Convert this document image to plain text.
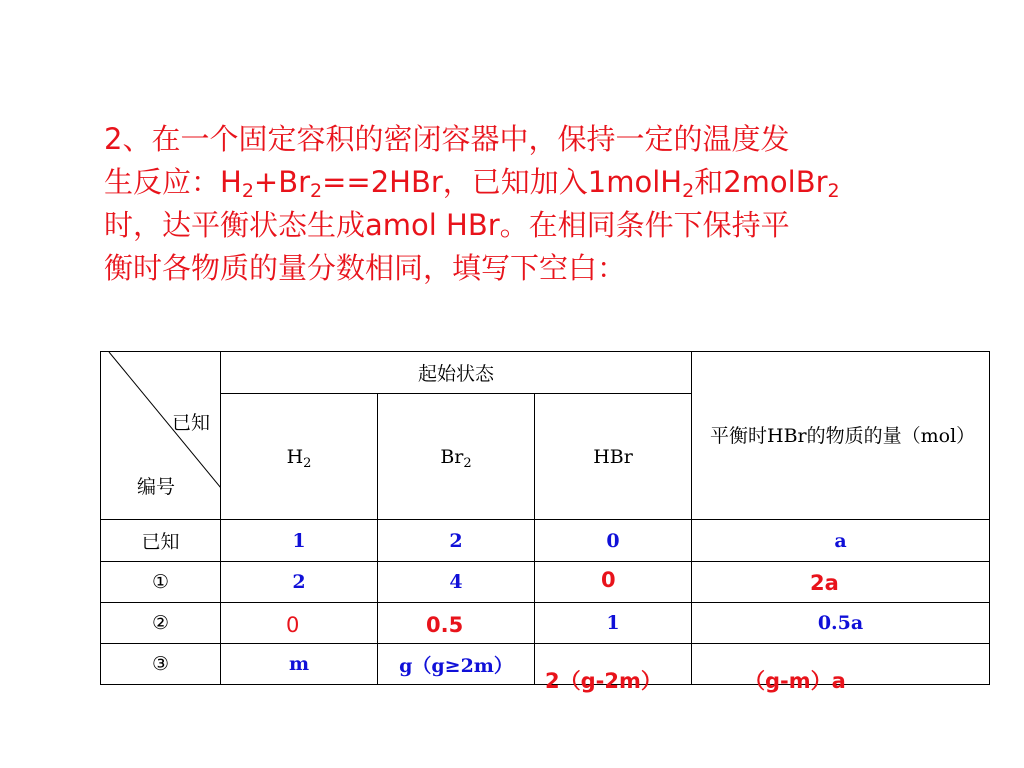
2、在一个固定容积的密闭容器中，保持一定的温度发
生反应：$H_2+Br_2==2HBr$，已知加入1molH$_2$和2molBr$_2$
时，达平衡状态生成amol HBr。在相同条件下保持平
衡时各物质的量分数相同，填写下空白：
已知
编号	起始状态			平衡时HBr的物质的量（mol）
	$H_2$	$Br_2$	HBr	
已知	1	2	0	a
①	2	4	0	2a

②	0	0.5	1	0.5a
③	m	g（g≥2m）	2（g-2m）	（g-m）a
